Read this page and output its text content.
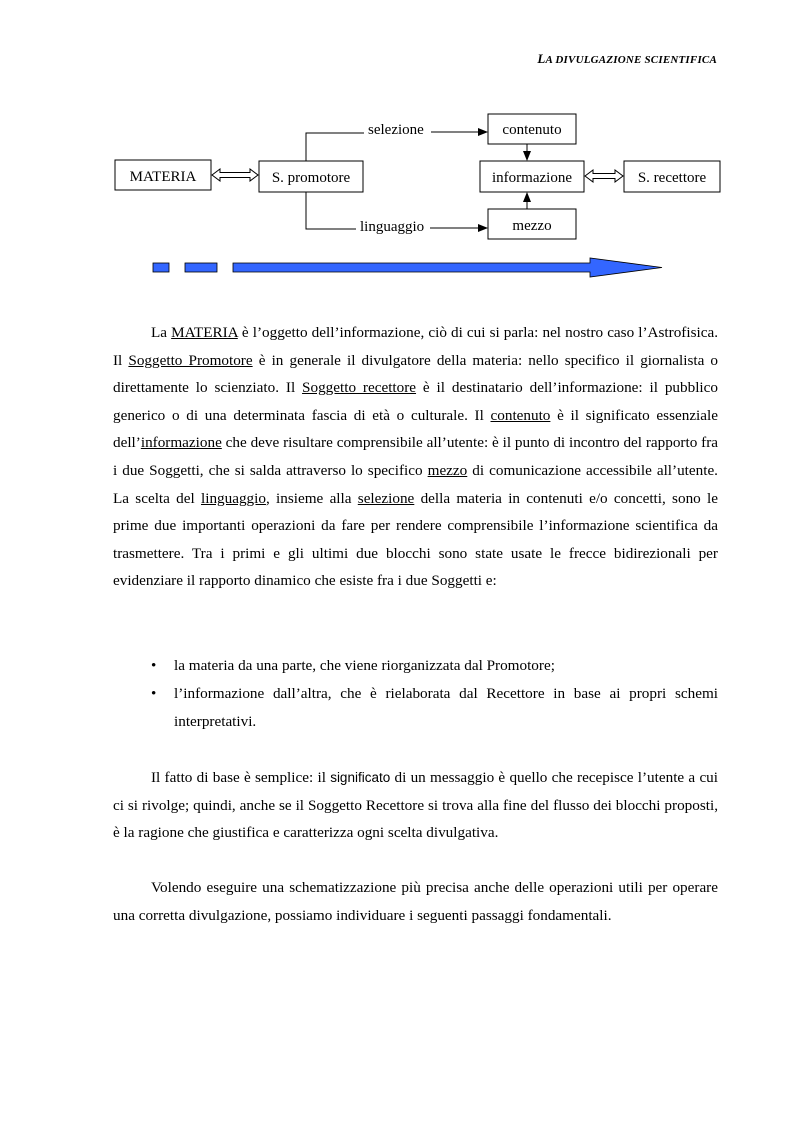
LA DIVULGAZIONE SCIENTIFICA
MATERIA	S. promotore
contenuto
informazione	S. recettore
mezzo
selezione
linguaggio

La MATERIA è l’oggetto dell’informazione, ciò di cui si parla: nel nostro caso l’Astrofisica. Il Soggetto Promotore è in generale il divulgatore della materia: nello specifico il giornalista o direttamente lo scienziato. Il Soggetto recettore è il destinatario dell’informazione: il pubblico generico o di una determinata fascia di età o culturale. Il contenuto è il significato essenziale dell’informazione che deve risultare comprensibile all’utente: è il punto di incontro del rapporto fra i due Soggetti, che si salda attraverso lo specifico mezzo di comunicazione accessibile all’utente. La scelta del linguaggio, insieme alla selezione della materia in contenuti e/o concetti, sono le prime due importanti operazioni da fare per rendere comprensibile l’informazione scientifica da trasmettere. Tra i primi e gli ultimi due blocchi sono state usate le frecce bidirezionali per evidenziare il rapporto dinamico che esiste fra i due Soggetti e:

• la materia da una parte, che viene riorganizzata dal Promotore;
• l’informazione dall’altra, che è rielaborata dal Recettore in base ai propri schemi interpretativi.

Il fatto di base è semplice: il significato di un messaggio è quello che recepisce l’utente a cui ci si rivolge; quindi, anche se il Soggetto Recettore si trova alla fine del flusso dei blocchi proposti, è la ragione che giustifica e caratterizza ogni scelta divulgativa.

Volendo eseguire una schematizzazione più precisa anche delle operazioni utili per operare una corretta divulgazione, possiamo individuare i seguenti passaggi fondamentali.
